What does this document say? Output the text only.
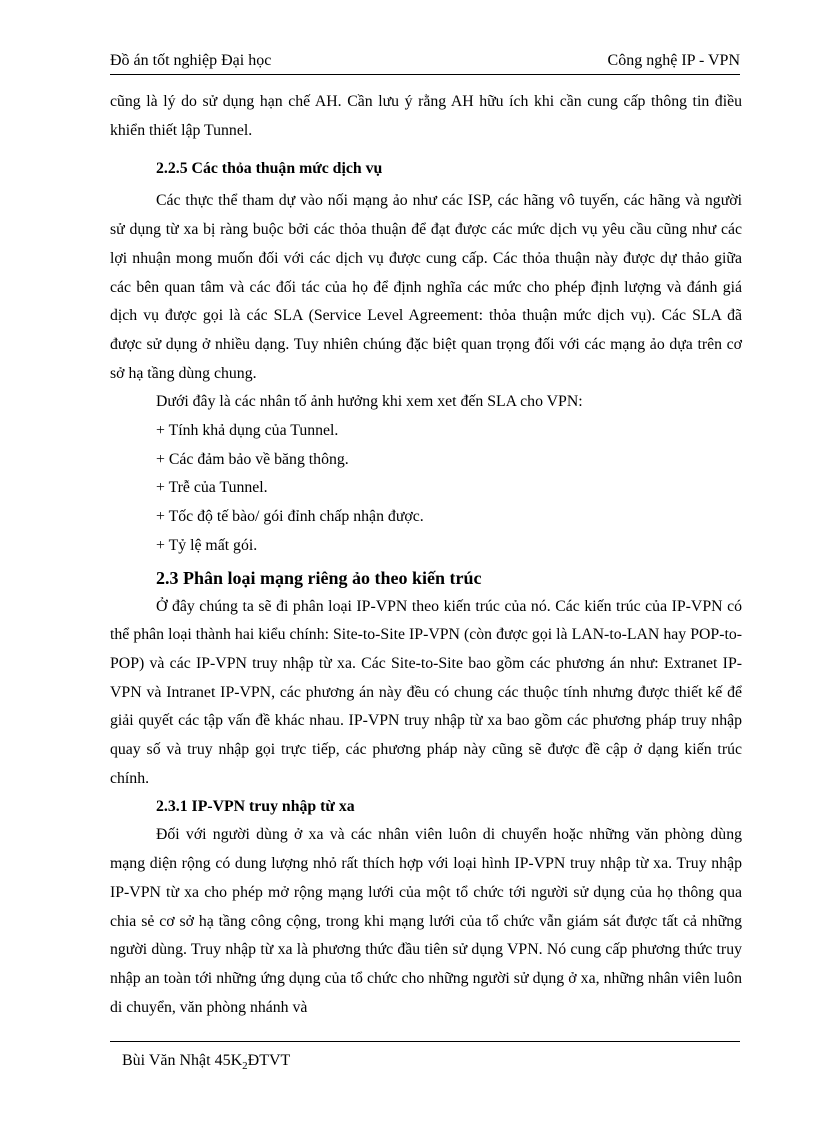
Đồ án tốt nghiệp Đại học	Công nghệ IP - VPN

cũng là lý do sử dụng hạn chế AH. Cần lưu ý rằng AH hữu ích khi cần cung cấp thông tin điều khiển thiết lập Tunnel.

2.2.5 Các thỏa thuận mức dịch vụ

Các thực thể tham dự vào nối mạng ảo như các ISP, các hãng vô tuyến, các hãng và người sử dụng từ xa bị ràng buộc bởi các thỏa thuận để đạt được các mức dịch vụ yêu cầu cũng như các lợi nhuận mong muốn đối với các dịch vụ được cung cấp. Các thỏa thuận này được dự thảo giữa các bên quan tâm và các đối tác của họ để định nghĩa các mức cho phép định lượng và đánh giá dịch vụ được gọi là các SLA (Service Level Agreement: thỏa thuận mức dịch vụ). Các SLA đã được sử dụng ở nhiều dạng. Tuy nhiên chúng đặc biệt quan trọng đối với các mạng ảo dựa trên cơ sở hạ tầng dùng chung.

Dưới đây là các nhân tố ảnh hưởng khi xem xet đến SLA cho VPN:

+ Tính khả dụng của Tunnel.

+ Các đảm bảo về băng thông.

+ Trễ của Tunnel.

+ Tốc độ tế bào/ gói đỉnh chấp nhận được.

+ Tỷ lệ mất gói.

2.3 Phân loại mạng riêng ảo theo kiến trúc

Ở đây chúng ta sẽ đi phân loại IP-VPN theo kiến trúc của nó. Các kiến trúc của IP-VPN có thể phân loại thành hai kiểu chính: Site-to-Site IP-VPN (còn được gọi là LAN-to-LAN hay POP-to-POP) và các IP-VPN truy nhập từ xa. Các Site-to-Site bao gồm các phương án như: Extranet IP-VPN và Intranet IP-VPN, các phương án này đều có chung các thuộc tính nhưng được thiết kế để giải quyết các tập vấn đề khác nhau. IP-VPN truy nhập từ xa bao gồm các phương pháp truy nhập quay số và truy nhập gọi trực tiếp, các phương pháp này cũng sẽ được đề cập ở dạng kiến trúc chính.

2.3.1 IP-VPN truy nhập từ xa

Đối với người dùng ở xa và các nhân viên luôn di chuyển hoặc những văn phòng dùng mạng diện rộng có dung lượng nhỏ rất thích hợp với loại hình IP-VPN truy nhập từ xa. Truy nhập IP-VPN từ xa cho phép mở rộng mạng lưới của một tổ chức tới người sử dụng của họ thông qua chia sẻ cơ sở hạ tầng công cộng, trong khi mạng lưới của tổ chức vẫn giám sát được tất cả những người dùng. Truy nhập từ xa là phương thức đầu tiên sử dụng VPN. Nó cung cấp phương thức truy nhập an toàn tới những ứng dụng của tổ chức cho những người sử dụng ở xa, những nhân viên luôn di chuyển, văn phòng nhánh và

Bùi Văn Nhật $45K_2ĐTVT$
